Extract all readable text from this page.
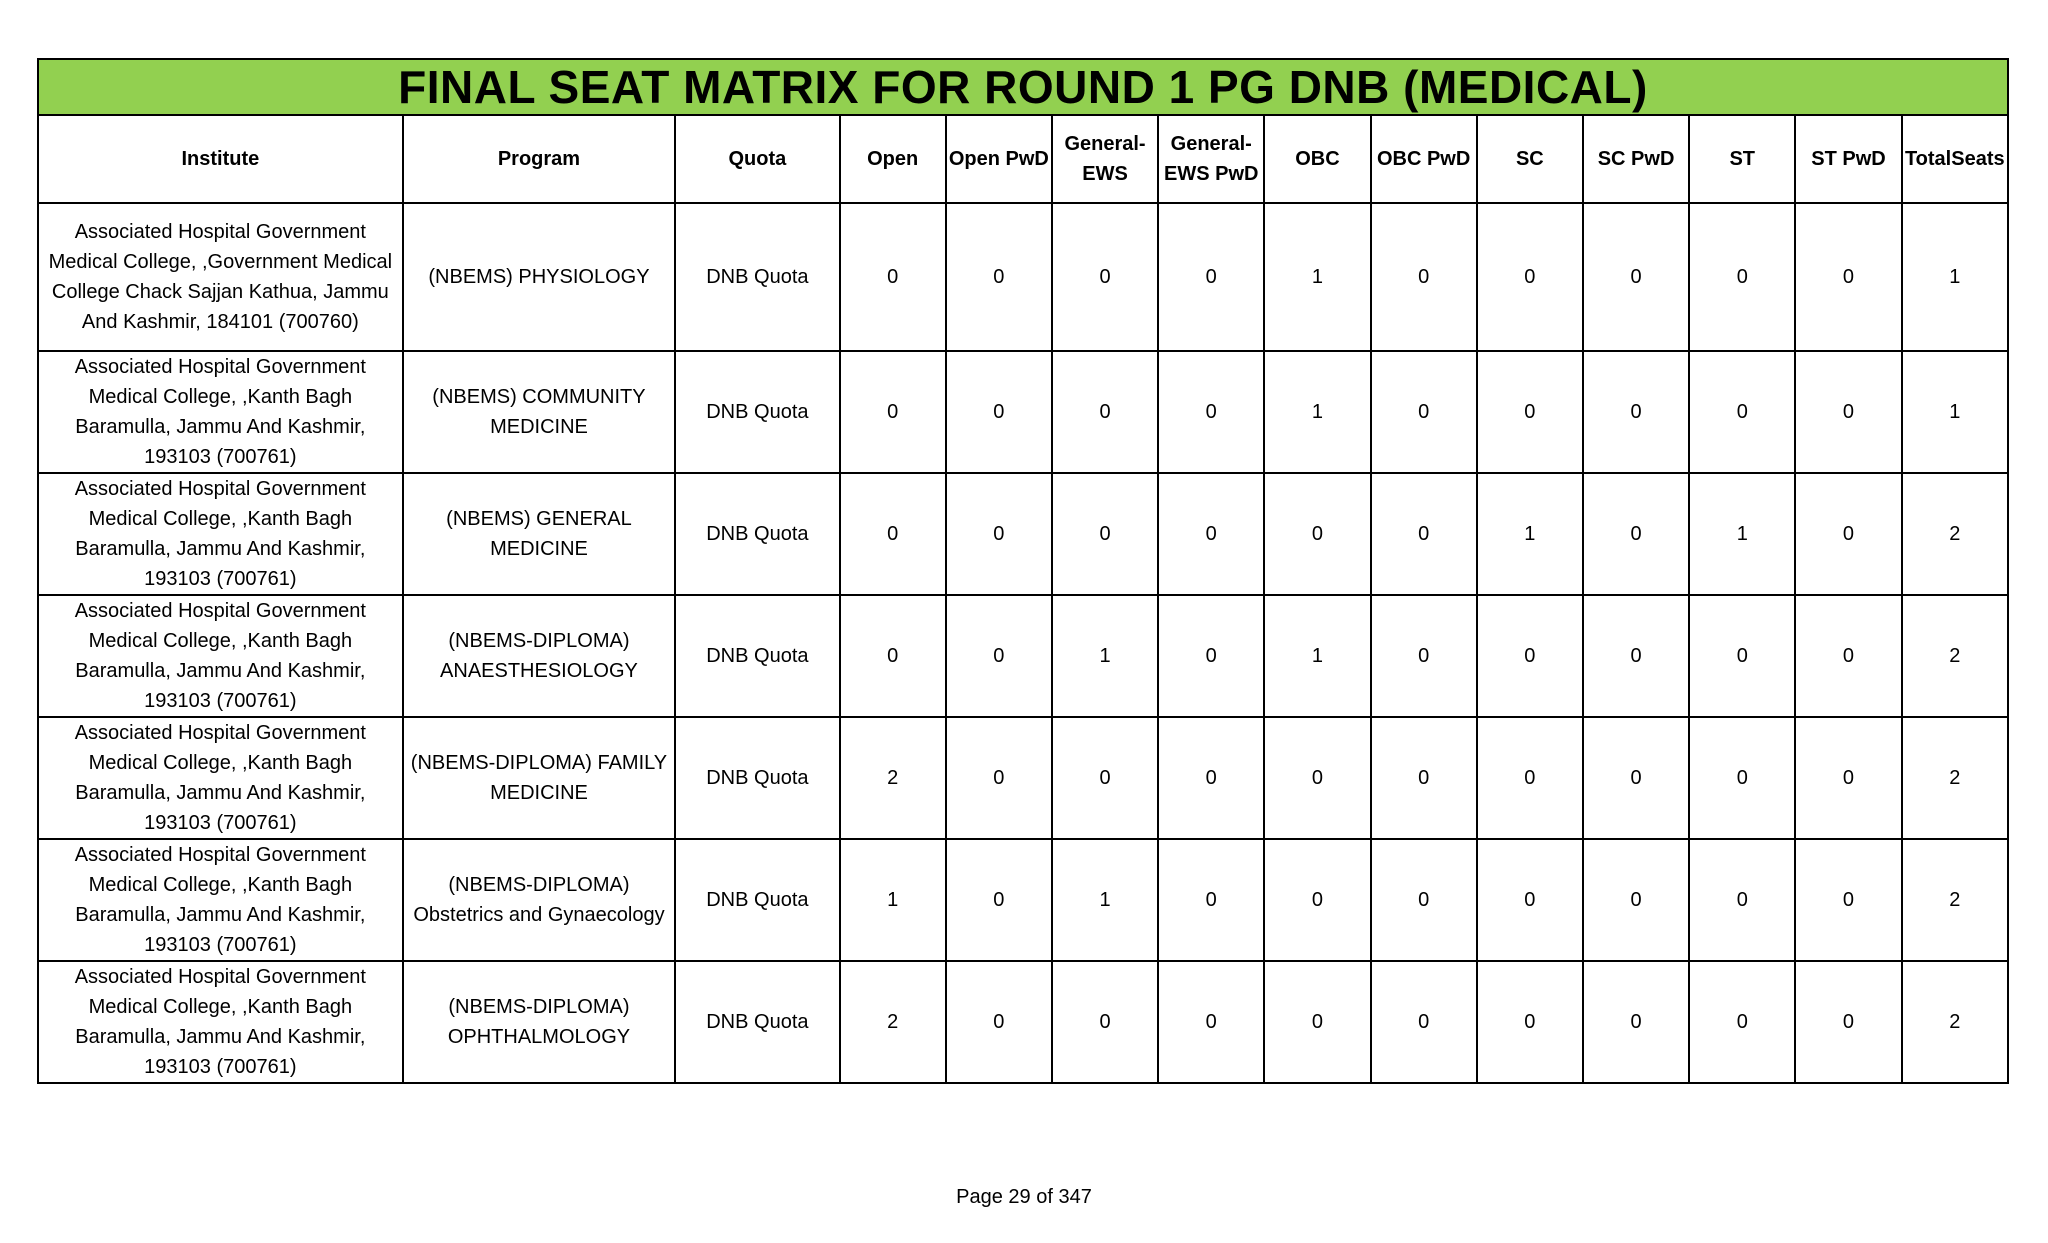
FINAL SEAT MATRIX FOR ROUND 1 PG DNB (MEDICAL)													
Institute	Program	Quota	Open	Open PwD	General-EWS	General-EWS PwD	OBC	OBC PwD	SC	SC PwD	ST	ST PwD	TotalSeats
Associated Hospital Government Medical College, ,Government Medical College Chack Sajjan Kathua, Jammu And Kashmir, 184101 (700760)	(NBEMS) PHYSIOLOGY	DNB Quota	0	0	0	0	1	0	0	0	0	0	1
Associated Hospital Government Medical College, ,Kanth Bagh Baramulla, Jammu And Kashmir, 193103 (700761)	(NBEMS) COMMUNITY MEDICINE	DNB Quota	0	0	0	0	1	0	0	0	0	0	1
Associated Hospital Government Medical College, ,Kanth Bagh Baramulla, Jammu And Kashmir, 193103 (700761)	(NBEMS) GENERAL MEDICINE	DNB Quota	0	0	0	0	0	0	1	0	1	0	2
Associated Hospital Government Medical College, ,Kanth Bagh Baramulla, Jammu And Kashmir, 193103 (700761)	(NBEMS-DIPLOMA) ANAESTHESIOLOGY	DNB Quota	0	0	1	0	1	0	0	0	0	0	2
Associated Hospital Government Medical College, ,Kanth Bagh Baramulla, Jammu And Kashmir, 193103 (700761)	(NBEMS-DIPLOMA) FAMILY MEDICINE	DNB Quota	2	0	0	0	0	0	0	0	0	0	2
Associated Hospital Government Medical College, ,Kanth Bagh Baramulla, Jammu And Kashmir, 193103 (700761)	(NBEMS-DIPLOMA) Obstetrics and Gynaecology	DNB Quota	1	0	1	0	0	0	0	0	0	0	2
Associated Hospital Government Medical College, ,Kanth Bagh Baramulla, Jammu And Kashmir, 193103 (700761)	(NBEMS-DIPLOMA) OPHTHALMOLOGY	DNB Quota	2	0	0	0	0	0	0	0	0	0	2
Page 29 of 347
